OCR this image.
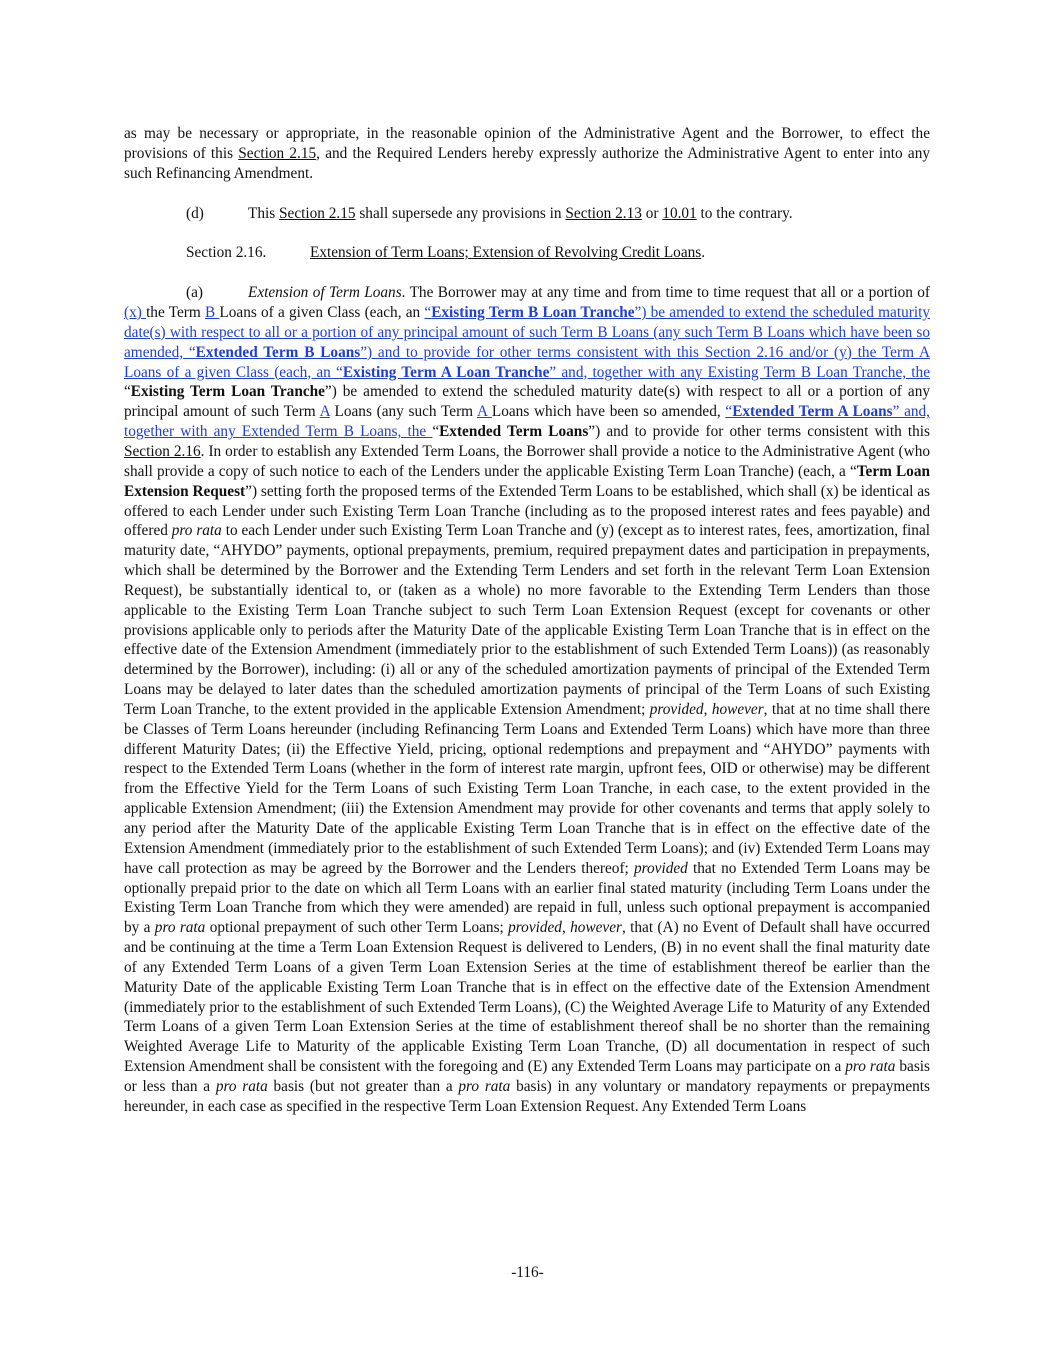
as may be necessary or appropriate, in the reasonable opinion of the Administrative Agent and the Borrower, to effect the provisions of this Section 2.15, and the Required Lenders hereby expressly authorize the Administrative Agent to enter into any such Refinancing Amendment.

(d)	This Section 2.15 shall supersede any provisions in Section 2.13 or 10.01 to the contrary.

Section 2.16.	Extension of Term Loans; Extension of Revolving Credit Loans.

(a)	Extension of Term Loans. The Borrower may at any time and from time to time request that all or a portion of (x) the Term B Loans of a given Class (each, an “Existing Term B Loan Tranche”) be amended to extend the scheduled maturity date(s) with respect to all or a portion of any principal amount of such Term B Loans (any such Term B Loans which have been so amended, “Extended Term B Loans”) and to provide for other terms consistent with this Section 2.16 and/or (y) the Term A Loans of a given Class (each, an “Existing Term A Loan Tranche” and, together with any Existing Term B Loan Tranche, the “Existing Term Loan Tranche”) be amended to extend the scheduled maturity date(s) with respect to all or a portion of any principal amount of such Term A Loans (any such Term A Loans which have been so amended, “Extended Term A Loans” and, together with any Extended Term B Loans, the “Extended Term Loans”) and to provide for other terms consistent with this Section 2.16. In order to establish any Extended Term Loans, the Borrower shall provide a notice to the Administrative Agent (who shall provide a copy of such notice to each of the Lenders under the applicable Existing Term Loan Tranche) (each, a “Term Loan Extension Request”) setting forth the proposed terms of the Extended Term Loans to be established, which shall (x) be identical as offered to each Lender under such Existing Term Loan Tranche (including as to the proposed interest rates and fees payable) and offered pro rata to each Lender under such Existing Term Loan Tranche and (y) (except as to interest rates, fees, amortization, final maturity date, “AHYDO” payments, optional prepayments, premium, required prepayment dates and participation in prepayments, which shall be determined by the Borrower and the Extending Term Lenders and set forth in the relevant Term Loan Extension Request), be substantially identical to, or (taken as a whole) no more favorable to the Extending Term Lenders than those applicable to the Existing Term Loan Tranche subject to such Term Loan Extension Request (except for covenants or other provisions applicable only to periods after the Maturity Date of the applicable Existing Term Loan Tranche that is in effect on the effective date of the Extension Amendment (immediately prior to the establishment of such Extended Term Loans)) (as reasonably determined by the Borrower), including: (i) all or any of the scheduled amortization payments of principal of the Extended Term Loans may be delayed to later dates than the scheduled amortization payments of principal of the Term Loans of such Existing Term Loan Tranche, to the extent provided in the applicable Extension Amendment; provided, however, that at no time shall there be Classes of Term Loans hereunder (including Refinancing Term Loans and Extended Term Loans) which have more than three different Maturity Dates; (ii) the Effective Yield, pricing, optional redemptions and prepayment and “AHYDO” payments with respect to the Extended Term Loans (whether in the form of interest rate margin, upfront fees, OID or otherwise) may be different from the Effective Yield for the Term Loans of such Existing Term Loan Tranche, in each case, to the extent provided in the applicable Extension Amendment; (iii) the Extension Amendment may provide for other covenants and terms that apply solely to any period after the Maturity Date of the applicable Existing Term Loan Tranche that is in effect on the effective date of the Extension Amendment (immediately prior to the establishment of such Extended Term Loans); and (iv) Extended Term Loans may have call protection as may be agreed by the Borrower and the Lenders thereof; provided that no Extended Term Loans may be optionally prepaid prior to the date on which all Term Loans with an earlier final stated maturity (including Term Loans under the Existing Term Loan Tranche from which they were amended) are repaid in full, unless such optional prepayment is accompanied by a pro rata optional prepayment of such other Term Loans; provided, however, that (A) no Event of Default shall have occurred and be continuing at the time a Term Loan Extension Request is delivered to Lenders, (B) in no event shall the final maturity date of any Extended Term Loans of a given Term Loan Extension Series at the time of establishment thereof be earlier than the Maturity Date of the applicable Existing Term Loan Tranche that is in effect on the effective date of the Extension Amendment (immediately prior to the establishment of such Extended Term Loans), (C) the Weighted Average Life to Maturity of any Extended Term Loans of a given Term Loan Extension Series at the time of establishment thereof shall be no shorter than the remaining Weighted Average Life to Maturity of the applicable Existing Term Loan Tranche, (D) all documentation in respect of such Extension Amendment shall be consistent with the foregoing and (E) any Extended Term Loans may participate on a pro rata basis or less than a pro rata basis (but not greater than a pro rata basis) in any voluntary or mandatory repayments or prepayments hereunder, in each case as specified in the respective Term Loan Extension Request. Any Extended Term Loans

-116-
